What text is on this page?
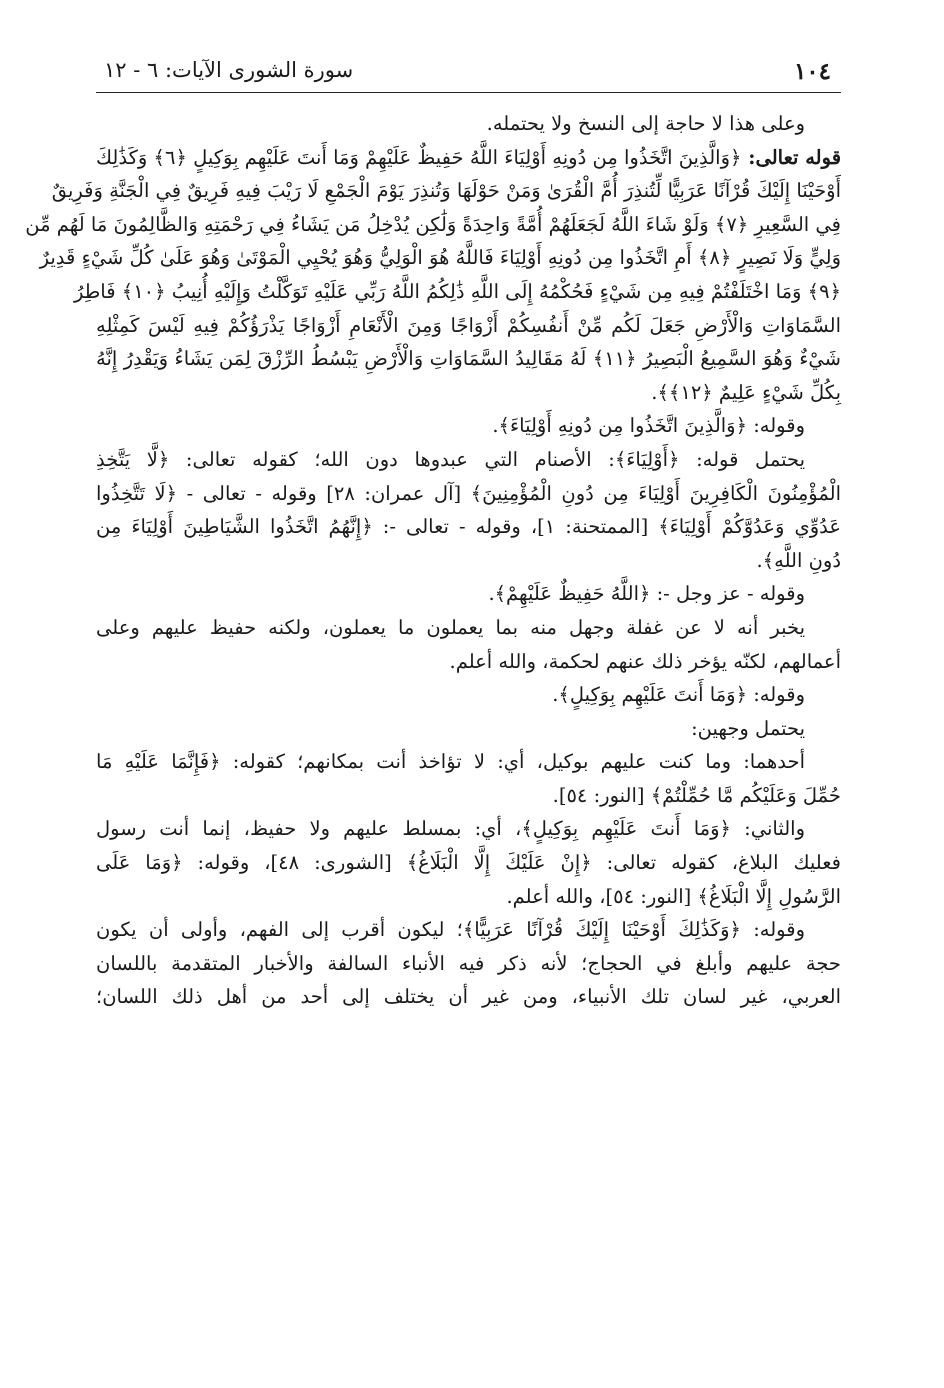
١٠٤
سورة الشورى الآيات: ٦ - ١٢
وعلى هذا لا حاجة إلى النسخ ولا يحتمله.
قوله تعالى: ﴿وَالَّذِينَ اتَّخَذُوا مِن دُونِهِ أَوْلِيَاءَ اللَّهُ حَفِيظٌ عَلَيْهِمْ وَمَا أَنتَ عَلَيْهِم بِوَكِيلٍ ﴿٦﴾ وَكَذَٰلِكَ
أَوْحَيْنَا إِلَيْكَ قُرْآنًا عَرَبِيًّا لِّتُنذِرَ أُمَّ الْقُرَىٰ وَمَنْ حَوْلَهَا وَتُنذِرَ يَوْمَ الْجَمْعِ لَا رَيْبَ فِيهِ فَرِيقٌ فِي الْجَنَّةِ وَفَرِيقٌ
فِي السَّعِيرِ ﴿٧﴾ وَلَوْ شَاءَ اللَّهُ لَجَعَلَهُمْ أُمَّةً وَاحِدَةً وَلَٰكِن يُدْخِلُ مَن يَشَاءُ فِي رَحْمَتِهِ وَالظَّالِمُونَ مَا لَهُم مِّن
وَلِيٍّ وَلَا نَصِيرٍ ﴿٨﴾ أَمِ اتَّخَذُوا مِن دُونِهِ أَوْلِيَاءَ فَاللَّهُ هُوَ الْوَلِيُّ وَهُوَ يُحْيِي الْمَوْتَىٰ وَهُوَ عَلَىٰ كُلِّ شَيْءٍ قَدِيرٌ
﴿٩﴾ وَمَا اخْتَلَفْتُمْ فِيهِ مِن شَيْءٍ فَحُكْمُهُ إِلَى اللَّهِ ذَٰلِكُمُ اللَّهُ رَبِّي عَلَيْهِ تَوَكَّلْتُ وَإِلَيْهِ أُنِيبُ ﴿١٠﴾ فَاطِرُ
السَّمَاوَاتِ وَالْأَرْضِ جَعَلَ لَكُم مِّنْ أَنفُسِكُمْ أَزْوَاجًا وَمِنَ الْأَنْعَامِ أَزْوَاجًا يَذْرَؤُكُمْ فِيهِ لَيْسَ كَمِثْلِهِ
شَيْءٌ وَهُوَ السَّمِيعُ الْبَصِيرُ ﴿١١﴾ لَهُ مَقَالِيدُ السَّمَاوَاتِ وَالْأَرْضِ يَبْسُطُ الرِّزْقَ لِمَن يَشَاءُ وَيَقْدِرُ إِنَّهُ
بِكُلِّ شَيْءٍ عَلِيمٌ ﴿١٢﴾﴾.
وقوله: ﴿وَالَّذِينَ اتَّخَذُوا مِن دُونِهِ أَوْلِيَاءَ﴾.
يحتمل قوله: ﴿أَوْلِيَاءَ﴾: الأصنام التي عبدوها دون الله؛ كقوله تعالى: ﴿لَّا يَتَّخِذِ
الْمُؤْمِنُونَ الْكَافِرِينَ أَوْلِيَاءَ مِن دُونِ الْمُؤْمِنِينَ﴾ [آل عمران: ٢٨] وقوله - تعالى - ﴿لَا تَتَّخِذُوا
عَدُوِّي وَعَدُوَّكُمْ أَوْلِيَاءَ﴾ [الممتحنة: ١]، وقوله - تعالى -: ﴿إِنَّهُمُ اتَّخَذُوا الشَّيَاطِينَ أَوْلِيَاءَ مِن
دُونِ اللَّهِ﴾.
وقوله - عز وجل -: ﴿اللَّهُ حَفِيظٌ عَلَيْهِمْ﴾.
يخبر أنه لا عن غفلة وجهل منه بما يعملون ما يعملون، ولكنه حفيظ عليهم وعلى
أعمالهم، لكنّه يؤخر ذلك عنهم لحكمة، والله أعلم.
وقوله: ﴿وَمَا أَنتَ عَلَيْهِم بِوَكِيلٍ﴾.
يحتمل وجهين:
أحدهما: وما كنت عليهم بوكيل، أي: لا تؤاخذ أنت بمكانهم؛ كقوله: ﴿فَإِنَّمَا عَلَيْهِ مَا
حُمِّلَ وَعَلَيْكُم مَّا حُمِّلْتُمْ﴾ [النور: ٥٤].
والثاني: ﴿وَمَا أَنتَ عَلَيْهِم بِوَكِيلٍ﴾، أي: بمسلط عليهم ولا حفيظ، إنما أنت رسول
فعليك البلاغ، كقوله تعالى: ﴿إِنْ عَلَيْكَ إِلَّا الْبَلَاغُ﴾ [الشورى: ٤٨]، وقوله: ﴿وَمَا عَلَى
الرَّسُولِ إِلَّا الْبَلَاغُ﴾ [النور: ٥٤]، والله أعلم.
وقوله: ﴿وَكَذَٰلِكَ أَوْحَيْنَا إِلَيْكَ قُرْآنًا عَرَبِيًّا﴾؛ ليكون أقرب إلى الفهم، وأولى أن يكون
حجة عليهم وأبلغ في الحجاج؛ لأنه ذكر فيه الأنباء السالفة والأخبار المتقدمة باللسان
العربي، غير لسان تلك الأنبياء، ومن غير أن يختلف إلى أحد من أهل ذلك اللسان؛
